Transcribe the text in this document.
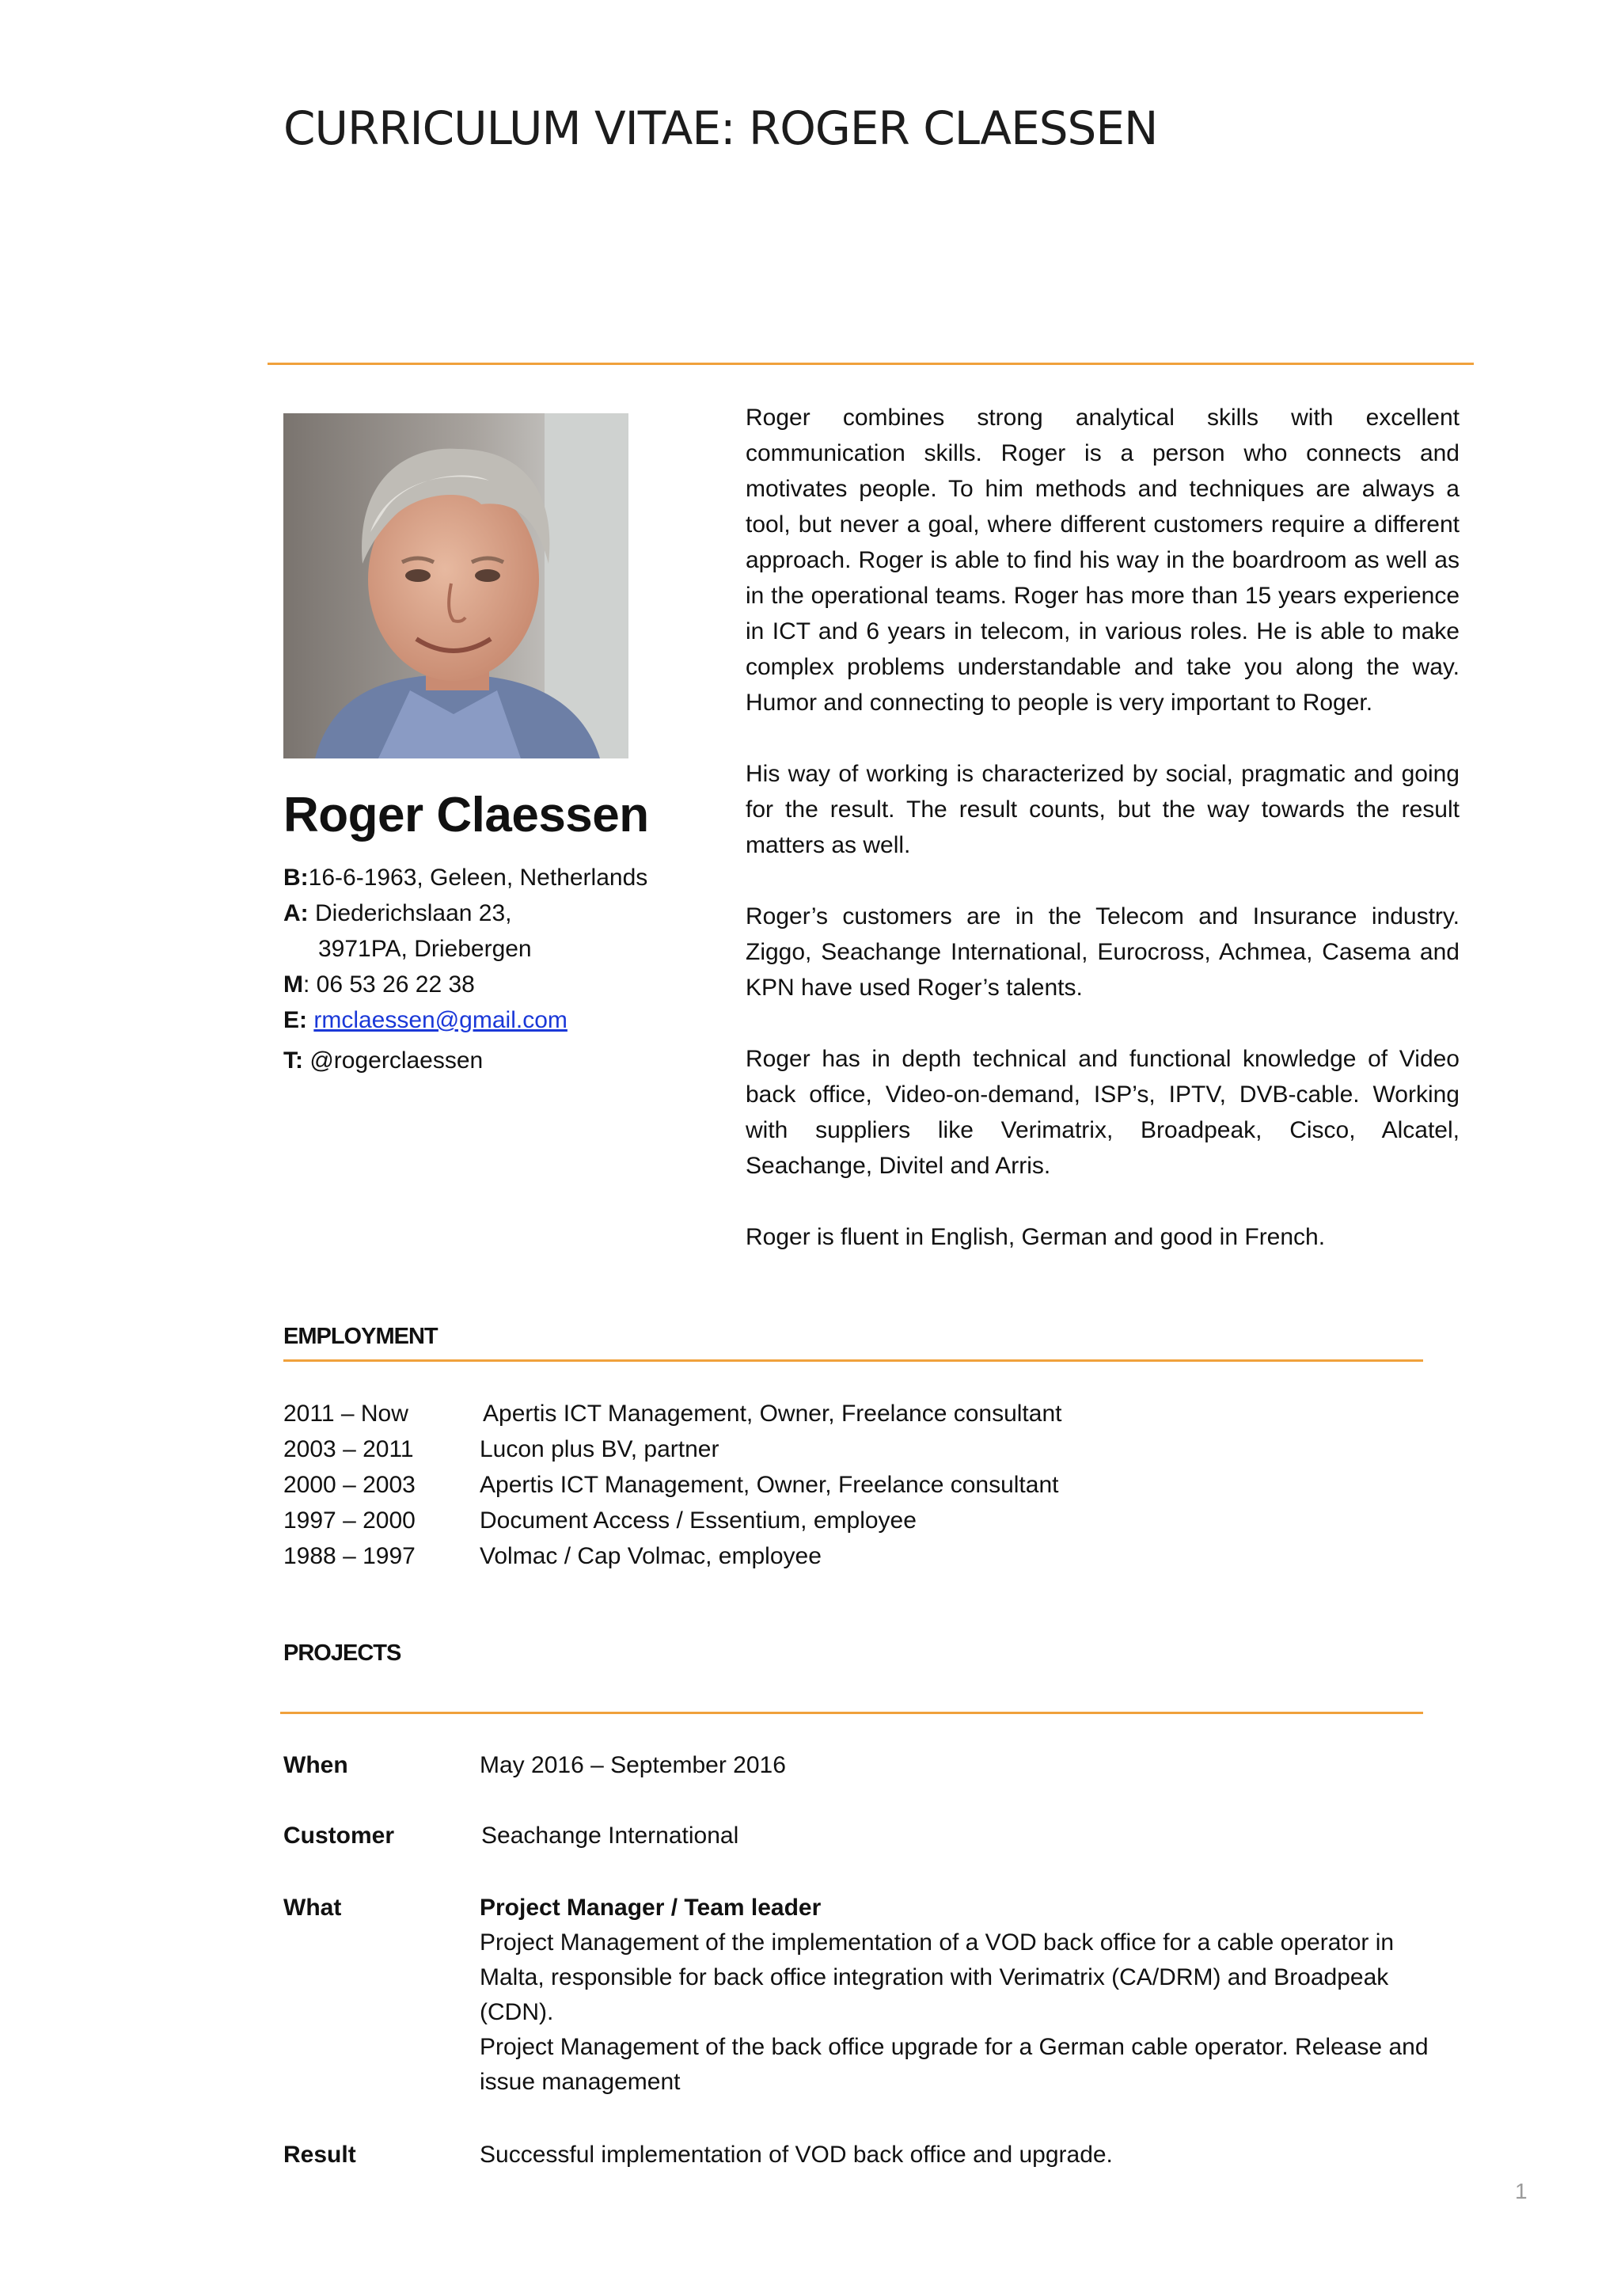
CURRICULUM VITAE: ROGER CLAESSEN
Roger Claessen
B:16-6-1963, Geleen, Netherlands
A: Diederichslaan 23,
3971PA, Driebergen
M: 06 53 26 22 38
E: rmclaessen@gmail.com
T: @rogerclaessen

Roger combines strong analytical skills with excellent communication skills. Roger is a person who connects and motivates people. To him methods and techniques are always a tool, but never a goal, where different customers require a different approach. Roger is able to find his way in the boardroom as well as in the operational teams. Roger has more than 15 years experience in ICT and 6 years in telecom, in various roles. He is able to make complex problems understandable and take you along the way. Humor and connecting to people is very important to Roger.

His way of working is characterized by social, pragmatic and going for the result. The result counts, but the way towards the result matters as well.

Roger’s customers are in the Telecom and Insurance industry. Ziggo, Seachange International, Eurocross, Achmea, Casema and KPN have used Roger’s talents.

Roger has in depth technical and functional knowledge of Video back office, Video-on-demand, ISP’s, IPTV, DVB-cable. Working with suppliers like Verimatrix, Broadpeak, Cisco, Alcatel, Seachange, Divitel and Arris.

Roger is fluent in English, German and good in French.

EMPLOYMENT
2011 – Now	Apertis ICT Management, Owner, Freelance consultant
2003 – 2011	Lucon plus BV, partner
2000 – 2003	Apertis ICT Management, Owner, Freelance consultant
1997 – 2000	Document Access / Essentium, employee
1988 – 1997	Volmac / Cap Volmac, employee
PROJECTS
When	May 2016 – September 2016
Customer	Seachange International
What	Project Manager / Team leader
Project Management of the implementation of a VOD back office for a cable operator in Malta, responsible for back office integration with Verimatrix (CA/DRM) and Broadpeak (CDN).
Project Management of the back office upgrade for a German cable operator. Release and issue management
Result	Successful implementation of VOD back office and upgrade.
1
